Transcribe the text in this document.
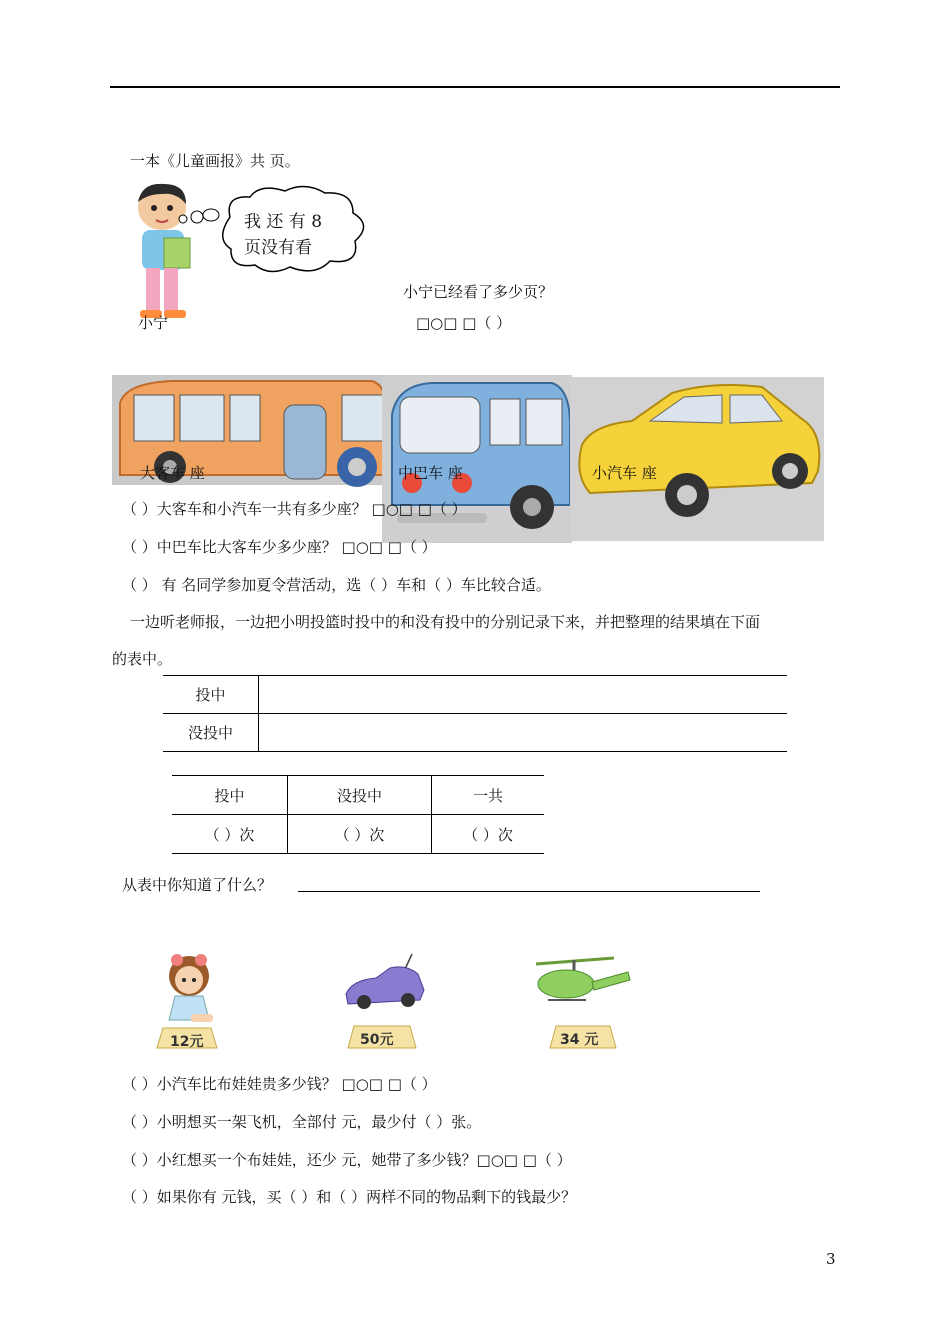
一本《儿童画报》共 页。
小宁
我 还 有 8
页没有看
小宁已经看了多少页？
□○□ □（ ）
大客车 座	中巴车 座	小汽车 座
（ ）大客车和小汽车一共有多少座？ □○□ □（ ）
（ ）中巴车比大客车少多少座？ □○□ □（ ）
（ ） 有 名同学参加夏令营活动，选（ ）车和（ ）车比较合适。
一边听老师报，一边把小明投篮时投中的和没有投中的分别记录下来，并把整理的结果填在下面
的表中。
投中	
没投中	
投中	没投中	一共
（ ）次	（ ）次	（ ）次
从表中你知道了什么？
12元	50元	34 元
（ ）小汽车比布娃娃贵多少钱？ □○□ □（ ）
（ ）小明想买一架飞机，全部付 元，最少付（ ）张。
（ ）小红想买一个布娃娃，还少 元，她带了多少钱？□○□ □（ ）
（ ）如果你有 元钱，买（ ）和（ ）两样不同的物品剩下的钱最少？
3
